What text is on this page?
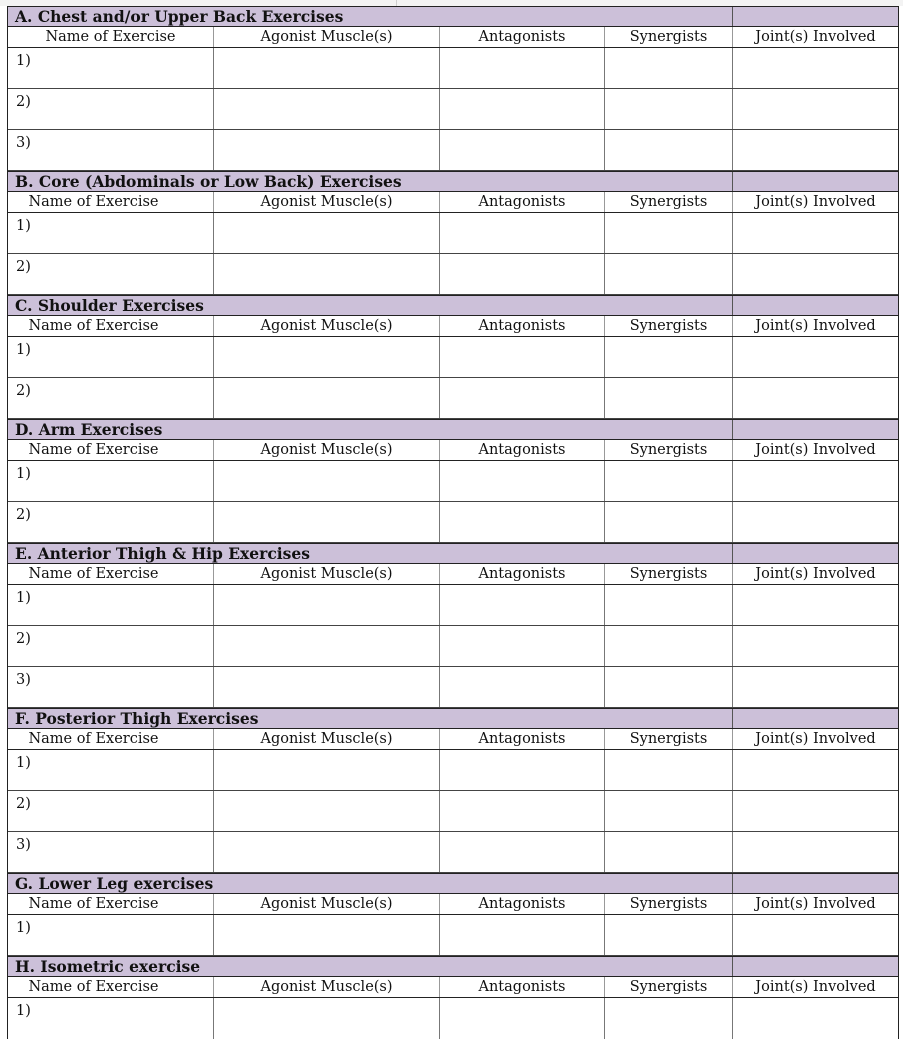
A. Chest and/or Upper Back Exercises
Name of Exercise	Agonist Muscle(s)	Antagonists	Synergists	Joint(s) Involved
1)
2)
3)
B. Core (Abdominals or Low Back) Exercises
Name of Exercise	Agonist Muscle(s)	Antagonists	Synergists	Joint(s) Involved
1)
2)
C. Shoulder Exercises
Name of Exercise	Agonist Muscle(s)	Antagonists	Synergists	Joint(s) Involved
1)
2)
D. Arm Exercises
Name of Exercise	Agonist Muscle(s)	Antagonists	Synergists	Joint(s) Involved
1)
2)
E. Anterior Thigh & Hip Exercises
Name of Exercise	Agonist Muscle(s)	Antagonists	Synergists	Joint(s) Involved
1)
2)
3)
F. Posterior Thigh Exercises
Name of Exercise	Agonist Muscle(s)	Antagonists	Synergists	Joint(s) Involved
1)
2)
3)
G. Lower Leg exercises
Name of Exercise	Agonist Muscle(s)	Antagonists	Synergists	Joint(s) Involved
1)
H. Isometric exercise
Name of Exercise	Agonist Muscle(s)	Antagonists	Synergists	Joint(s) Involved
1)
